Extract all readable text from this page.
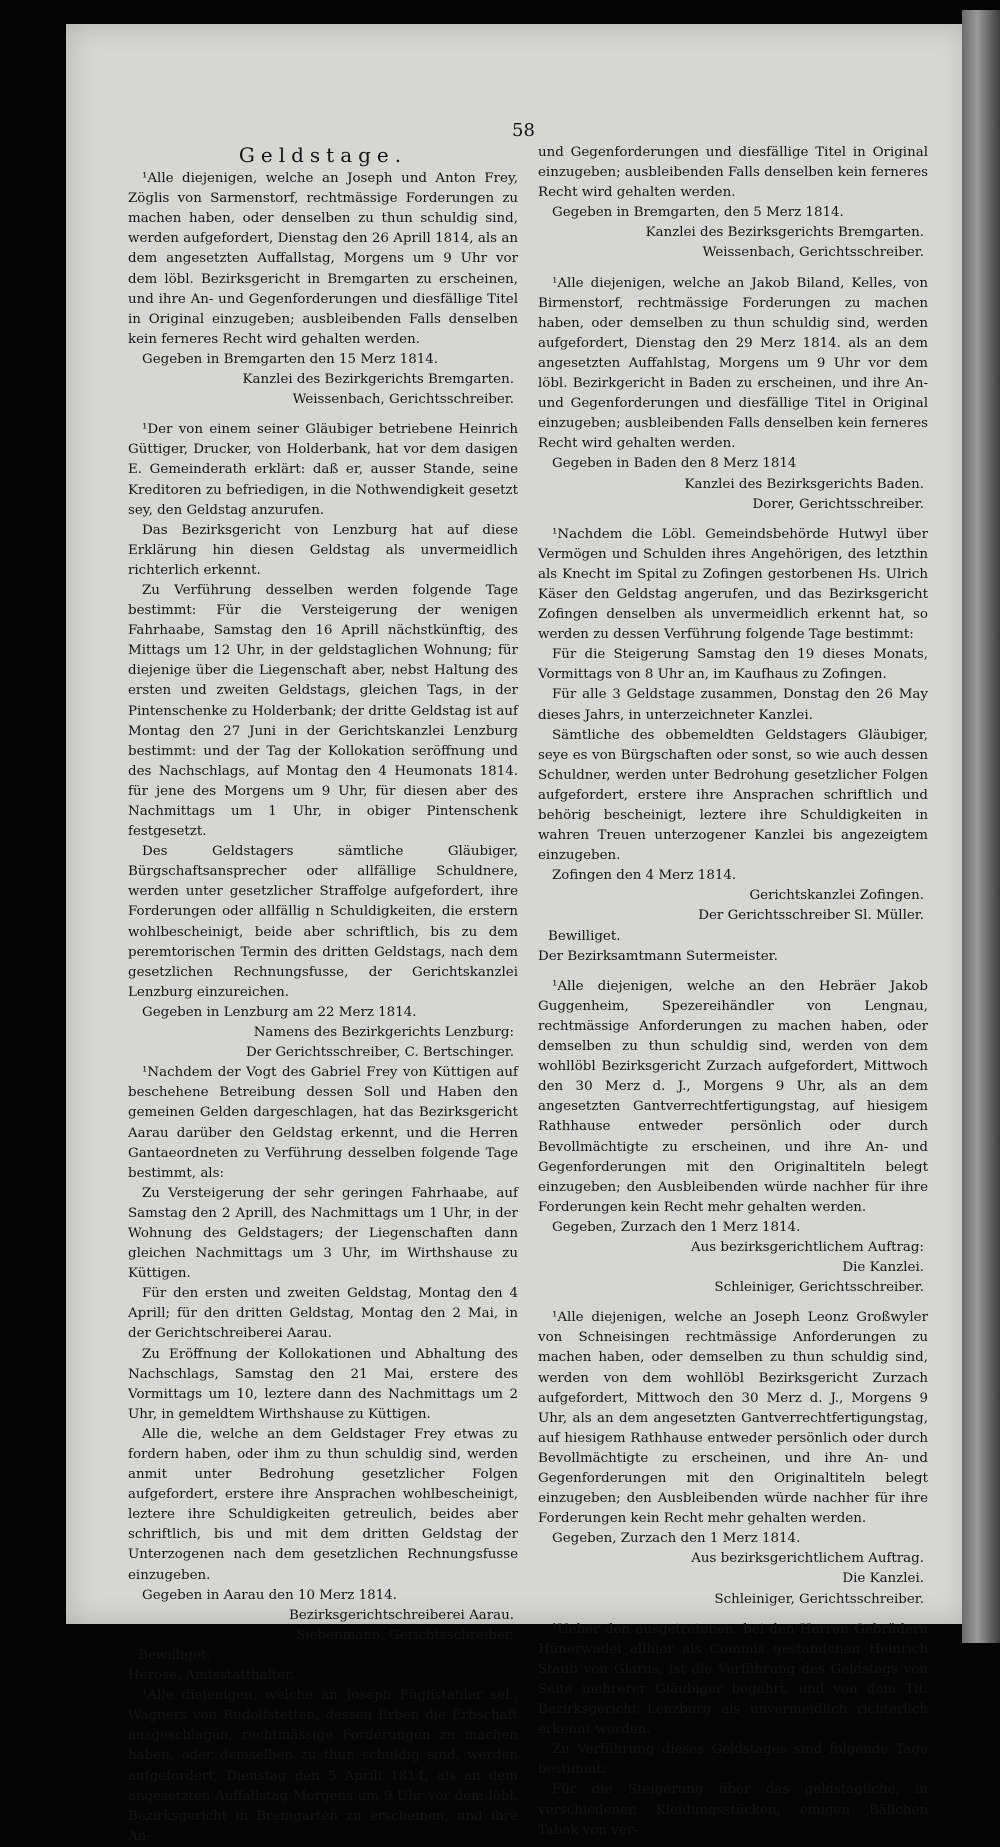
58

Geldstage.

¹Alle diejenigen, welche an Joseph und Anton Frey, Zöglis von Sarmenstorf, rechtmässige Forderungen zu machen haben, oder denselben zu thun schuldig sind, werden aufgefordert, Dienstag den 26 Aprill 1814, als an dem angesetzten Auffallstag, Morgens um 9 Uhr vor dem löbl. Bezirksgericht in Bremgarten zu erscheinen, und ihre An- und Gegenforderungen und diesfällige Titel in Original einzugeben; ausbleibenden Falls denselben kein ferneres Recht wird gehalten werden.

Gegeben in Bremgarten den 15 Merz 1814.

Kanzlei des Bezirkgerichts Bremgarten.

Weissenbach, Gerichtsschreiber.

¹Der von einem seiner Gläubiger betriebene Heinrich Güttiger, Drucker, von Holderbank, hat vor dem dasigen E. Gemeinderath erklärt: daß er, ausser Stande, seine Kreditoren zu befriedigen, in die Nothwendigkeit gesetzt sey, den Geldstag anzurufen.

Das Bezirksgericht von Lenzburg hat auf diese Erklärung hin diesen Geldstag als unvermeidlich richterlich erkennt.

Zu Verführung desselben werden folgende Tage bestimmt: Für die Versteigerung der wenigen Fahrhaabe, Samstag den 16 Aprill nächstkünftig, des Mittags um 12 Uhr, in der geldstaglichen Wohnung; für diejenige über die Liegenschaft aber, nebst Haltung des ersten und zweiten Geldstags, gleichen Tags, in der Pintenschenke zu Holderbank; der dritte Geldstag ist auf Montag den 27 Juni in der Gerichtskanzlei Lenzburg bestimmt: und der Tag der Kollokation seröffnung und des Nachschlags, auf Montag den 4 Heumonats 1814. für jene des Morgens um 9 Uhr, für diesen aber des Nachmittags um 1 Uhr, in obiger Pintenschenk festgesetzt.

Des Geldstagers sämtliche Gläubiger, Bürgschaftsansprecher oder allfällige Schuldnere, werden unter gesetzlicher Straffolge aufgefordert, ihre Forderungen oder allfällig n Schuldigkeiten, die erstern wohlbescheinigt, beide aber schriftlich, bis zu dem peremtorischen Termin des dritten Geldstags, nach dem gesetzlichen Rechnungsfusse, der Gerichtskanzlei Lenzburg einzureichen.

Gegeben in Lenzburg am 22 Merz 1814.

Namens des Bezirkgerichts Lenzburg:

Der Gerichtsschreiber, C. Bertschinger.

¹Nachdem der Vogt des Gabriel Frey von Küttigen auf beschehene Betreibung dessen Soll und Haben den gemeinen Gelden dargeschlagen, hat das Bezirksgericht Aarau darüber den Geldstag erkennt, und die Herren Gantaeordneten zu Verführung desselben folgende Tage bestimmt, als:

Zu Versteigerung der sehr geringen Fahrhaabe, auf Samstag den 2 Aprill, des Nachmittags um 1 Uhr, in der Wohnung des Geldstagers; der Liegenschaften dann gleichen Nachmittags um 3 Uhr, im Wirthshause zu Küttigen.

Für den ersten und zweiten Geldstag, Montag den 4 Aprill; für den dritten Geldstag, Montag den 2 Mai, in der Gerichtschreiberei Aarau.

Zu Eröffnung der Kollokationen und Abhaltung des Nachschlags, Samstag den 21 Mai, erstere des Vormittags um 10, leztere dann des Nachmittags um 2 Uhr, in gemeldtem Wirthshause zu Küttigen.

Alle die, welche an dem Geldstager Frey etwas zu fordern haben, oder ihm zu thun schuldig sind, werden anmit unter Bedrohung gesetzlicher Folgen aufgefordert, erstere ihre Ansprachen wohlbescheinigt, leztere ihre Schuldigkeiten getreulich, beides aber schriftlich, bis und mit dem dritten Geldstag der Unterzogenen nach dem gesetzlichen Rechnungsfusse einzugeben.

Gegeben in Aarau den 10 Merz 1814.

Bezirksgerichtschreiberei Aarau.

Siebenmann, Gerichtsschreiber.

Bewilliget.

Herose, Amtsstatthalter.

¹Alle diejenigen, welche an Joseph Füglistahler sel., Wagners von Rudolfstetten, dessen Erben die Erbschaft ausgeschlagen, rechtmässige Forderungen zu machen haben, oder demselben zu thun schuldig sind, werden aufgefordert, Dienstag den 5 Aprill 1814, als an dem angesetzten Auffallstag Morgens um 9 Uhr vor dem löbl. Bezirksgericht in Bremgarten zu erscheinen, und ihre An-

und Gegenforderungen und diesfällige Titel in Original einzugeben; ausbleibenden Falls denselben kein ferneres Recht wird gehalten werden.

Gegeben in Bremgarten, den 5 Merz 1814.

Kanzlei des Bezirksgerichts Bremgarten.

Weissenbach, Gerichtsschreiber.

¹Alle diejenigen, welche an Jakob Biland, Kelles, von Birmenstorf, rechtmässige Forderungen zu machen haben, oder demselben zu thun schuldig sind, werden aufgefordert, Dienstag den 29 Merz 1814. als an dem angesetzten Auffahlstag, Morgens um 9 Uhr vor dem löbl. Bezirkgericht in Baden zu erscheinen, und ihre An- und Gegenforderungen und diesfällige Titel in Original einzugeben; ausbleibenden Falls denselben kein ferneres Recht wird gehalten werden.

Gegeben in Baden den 8 Merz 1814

Kanzlei des Bezirksgerichts Baden.

Dorer, Gerichtsschreiber.

¹Nachdem die Löbl. Gemeindsbehörde Hutwyl über Vermögen und Schulden ihres Angehörigen, des letzthin als Knecht im Spital zu Zofingen gestorbenen Hs. Ulrich Käser den Geldstag angerufen, und das Bezirksgericht Zofingen denselben als unvermeidlich erkennt hat, so werden zu dessen Verführung folgende Tage bestimmt:

Für die Steigerung Samstag den 19 dieses Monats, Vormittags von 8 Uhr an, im Kaufhaus zu Zofingen.

Für alle 3 Geldstage zusammen, Donstag den 26 May dieses Jahrs, in unterzeichneter Kanzlei.

Sämtliche des obbemeldten Geldstagers Gläubiger, seye es von Bürgschaften oder sonst, so wie auch dessen Schuldner, werden unter Bedrohung gesetzlicher Folgen aufgefordert, erstere ihre Ansprachen schriftlich und behörig bescheinigt, leztere ihre Schuldigkeiten in wahren Treuen unterzogener Kanzlei bis angezeigtem einzugeben.

Zofingen den 4 Merz 1814.

Gerichtskanzlei Zofingen.

Der Gerichtsschreiber Sl. Müller.

Bewilliget.

Der Bezirksamtmann Sutermeister.

¹Alle diejenigen, welche an den Hebräer Jakob Guggenheim, Spezereihändler von Lengnau, rechtmässige Anforderungen zu machen haben, oder demselben zu thun schuldig sind, werden von dem wohllöbl Bezirksgericht Zurzach aufgefordert, Mittwoch den 30 Merz d. J., Morgens 9 Uhr, als an dem angesetzten Gantverrechtfertigungstag, auf hiesigem Rathhause entweder persönlich oder durch Bevollmächtigte zu erscheinen, und ihre An- und Gegenforderungen mit den Originaltiteln belegt einzugeben; den Ausbleibenden würde nachher für ihre Forderungen kein Recht mehr gehalten werden.

Gegeben, Zurzach den 1 Merz 1814.

Aus bezirksgerichtlichem Auftrag:

Die Kanzlei.

Schleiniger, Gerichtsschreiber.

¹Alle diejenigen, welche an Joseph Leonz Großwyler von Schneisingen rechtmässige Anforderungen zu machen haben, oder demselben zu thun schuldig sind, werden von dem wohllöbl Bezirksgericht Zurzach aufgefordert, Mittwoch den 30 Merz d. J., Morgens 9 Uhr, als an dem angesetzten Gantverrechtfertigungstag, auf hiesigem Rathhause entweder persönlich oder durch Bevollmächtigte zu erscheinen, und ihre An- und Gegenforderungen mit den Originaltiteln belegt einzugeben; den Ausbleibenden würde nachher für ihre Forderungen kein Recht mehr gehalten werden.

Gegeben, Zurzach den 1 Merz 1814.

Aus bezirksgerichtlichem Auftrag.

Die Kanzlei.

Schleiniger, Gerichtsschreiber.

¹Ueber den ausgetretenen, bei den Herren Gebrüdern Hünerwadel allhier als Commis gestandenen Heinrich Staub von Glarus, ist die Verführung des Geldstags von Seite mehrerer Gläubiger begehrt, und von dem Tit. Bezirksgericht Lenzburg als unvermeidlich richterlich erkennt worden.

Zu Verführung dieses Geldstages sind folgende Tage bestimmt:

Für die Steigerung über das geldstagliche, in verschiedenen Kleidungsstücken, einigen Bällchen Tabak von ver-
